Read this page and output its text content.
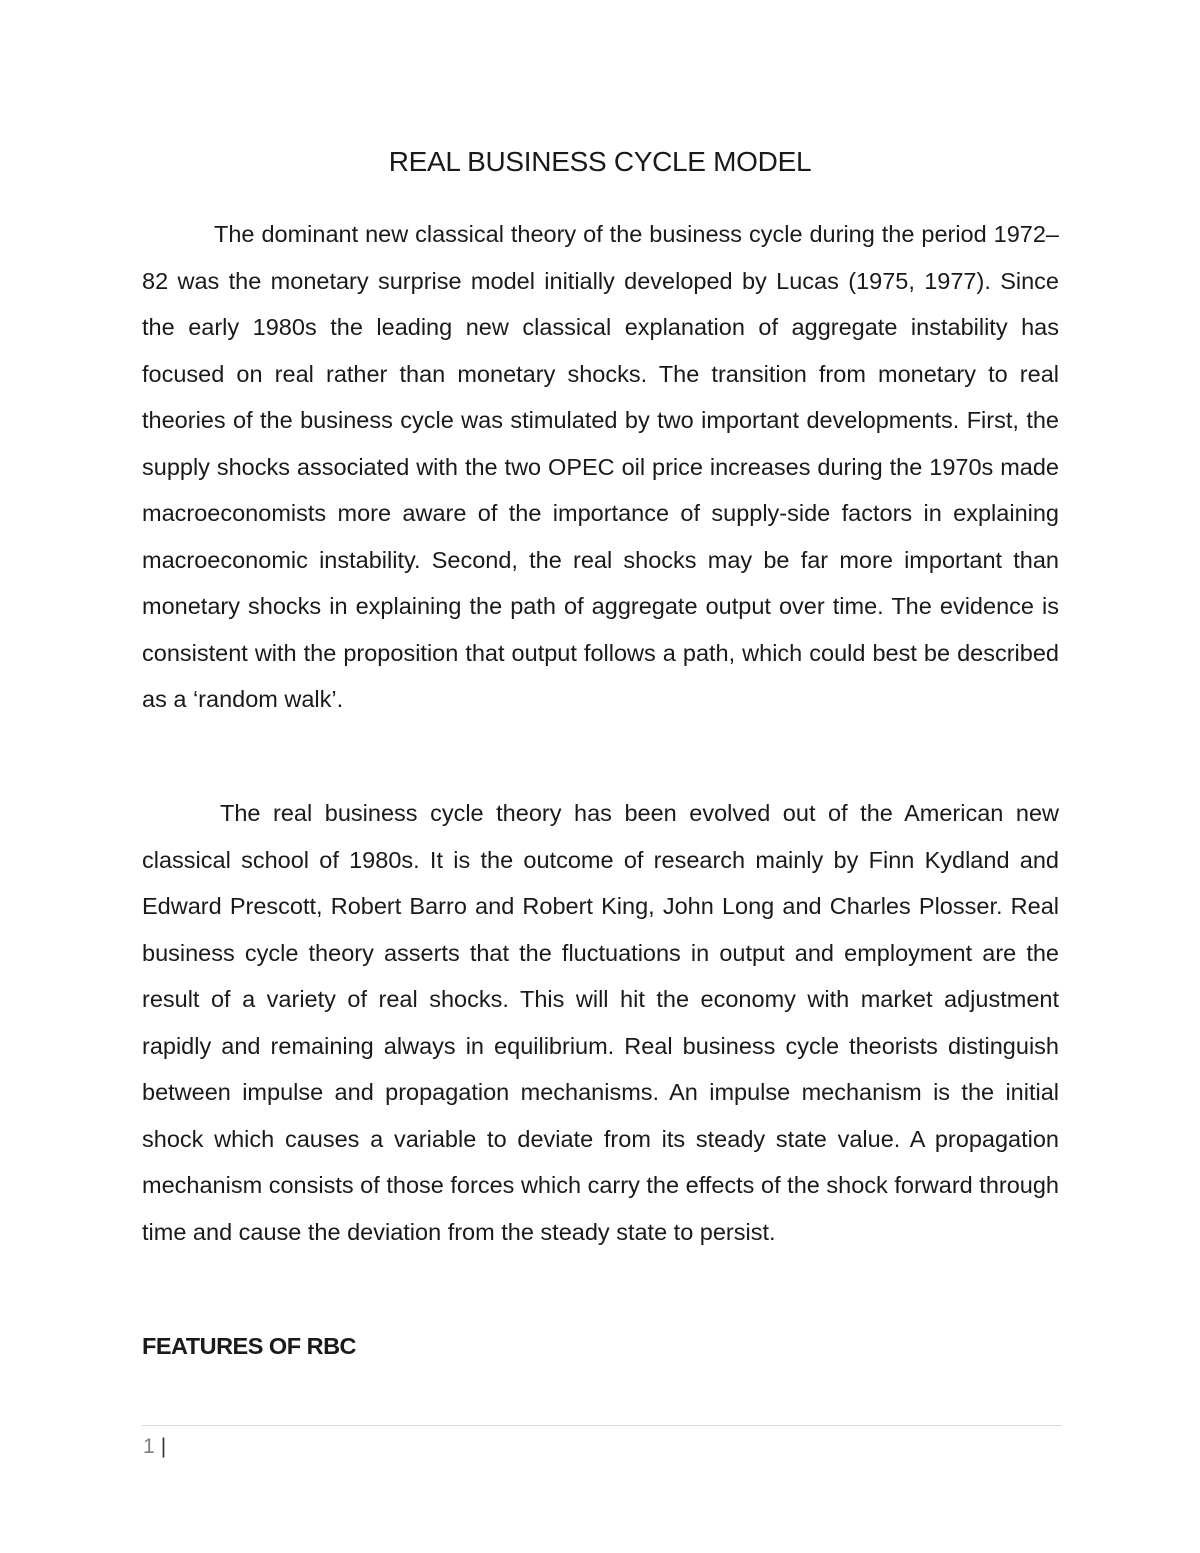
REAL BUSINESS CYCLE MODEL

The dominant new classical theory of the business cycle during the period 1972–82 was the monetary surprise model initially developed by Lucas (1975, 1977). Since the early 1980s the leading new classical explanation of aggregate instability has focused on real rather than monetary shocks. The transition from monetary to real theories of the business cycle was stimulated by two important developments. First, the supply shocks associated with the two OPEC oil price increases during the 1970s made macroeconomists more aware of the importance of supply-side factors in explaining macroeconomic instability. Second, the real shocks may be far more important than monetary shocks in explaining the path of aggregate output over time. The evidence is consistent with the proposition that output follows a path, which could best be described as a ‘random walk’.

The real business cycle theory has been evolved out of the American new classical school of 1980s. It is the outcome of research mainly by Finn Kydland and Edward Prescott, Robert Barro and Robert King, John Long and Charles Plosser. Real business cycle theory asserts that the fluctuations in output and employment are the result of a variety of real shocks. This will hit the economy with market adjustment rapidly and remaining always in equilibrium. Real business cycle theorists distinguish between impulse and propagation mechanisms. An impulse mechanism is the initial shock which causes a variable to deviate from its steady state value. A propagation mechanism consists of those forces which carry the effects of the shock forward through time and cause the deviation from the steady state to persist.

FEATURES OF RBC
1 |
